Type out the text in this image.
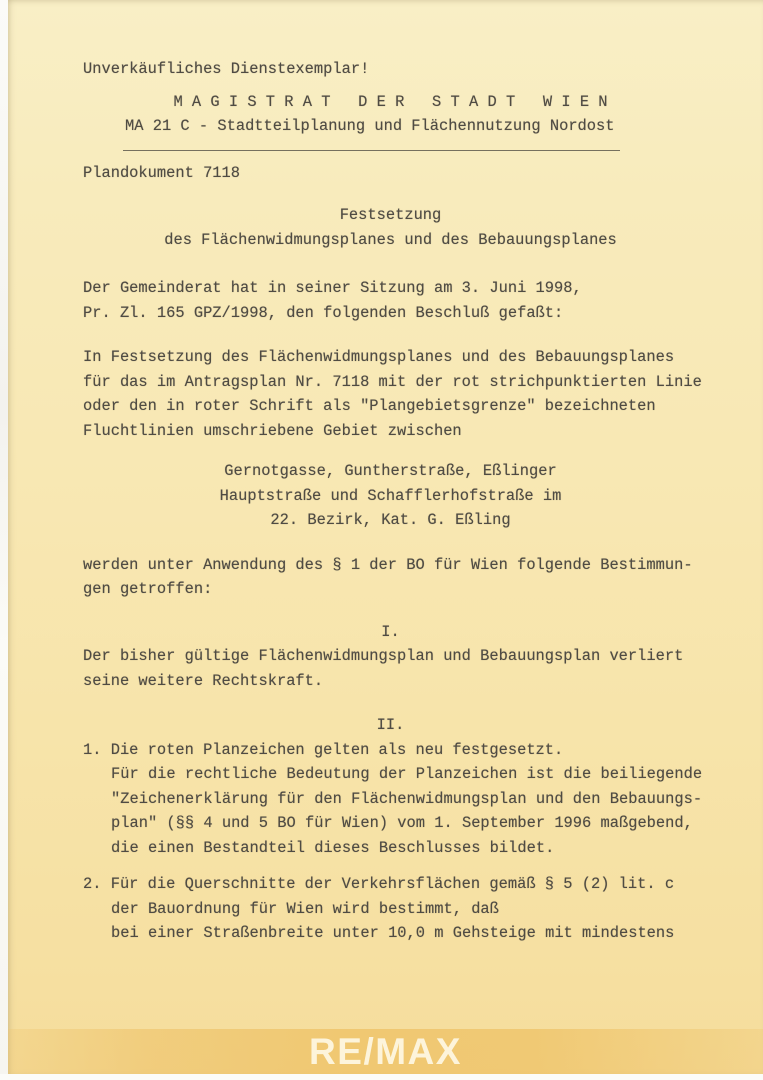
RE/MAX
Unverkäufliches Dienstexemplar!
M A G I S T R A T   D E R   S T A D T   W I E N
MA 21 C - Stadtteilplanung und Flächennutzung Nordost
Plandokument 7118
Festsetzung
des Flächenwidmungsplanes und des Bebauungsplanes
Der Gemeinderat hat in seiner Sitzung am 3. Juni 1998,
Pr. Zl. 165 GPZ/1998, den folgenden Beschluß gefaßt:
In Festsetzung des Flächenwidmungsplanes und des Bebauungsplanes
für das im Antragsplan Nr. 7118 mit der rot strichpunktierten Linie
oder den in roter Schrift als "Plangebietsgrenze" bezeichneten
Fluchtlinien umschriebene Gebiet zwischen
Gernotgasse, Guntherstraße, Eßlinger
Hauptstraße und Schafflerhofstraße im
22. Bezirk, Kat. G. Eßling
werden unter Anwendung des § 1 der BO für Wien folgende Bestimmun-
gen getroffen:
I.
Der bisher gültige Flächenwidmungsplan und Bebauungsplan verliert
seine weitere Rechtskraft.
II.
1. Die roten Planzeichen gelten als neu festgesetzt.
Für die rechtliche Bedeutung der Planzeichen ist die beiliegende
"Zeichenerklärung für den Flächenwidmungsplan und den Bebauungs-
plan" (§§ 4 und 5 BO für Wien) vom 1. September 1996 maßgebend,
die einen Bestandteil dieses Beschlusses bildet.
2. Für die Querschnitte der Verkehrsflächen gemäß § 5 (2) lit. c
der Bauordnung für Wien wird bestimmt, daß
bei einer Straßenbreite unter 10,0 m Gehsteige mit mindestens
